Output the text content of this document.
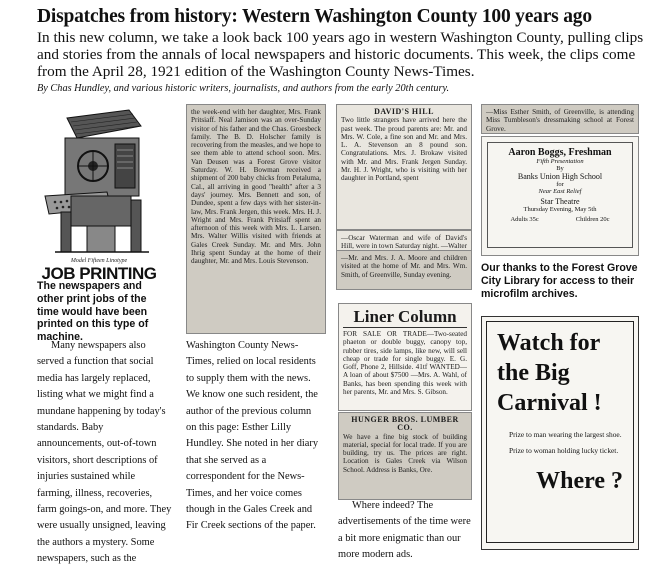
Dispatches from history: Western Washington County 100 years ago
In this new column, we take a look back 100 years ago in western Washington County, pulling clips and stories from the annals of local newspapers and historic documents. This week, the clips come from the April 28, 1921 edition of the Washington County News-Times.
By Chas Hundley, and various historic writers, journalists, and authors from the early 20th century.
Model Fifteen Linotype
JOB PRINTING
The newspapers and other print jobs of the time would have been printed on this type of machine.
Many newspapers also served a function that social media has largely replaced, listing what we might find a mundane happening by today's standards. Baby announcements, out-of-town visitors, short descriptions of injuries sustained while farming, illness, recoveries, farm goings-on, and more. They were usually unsigned, leaving the authors a mystery. Some newspapers, such as the
Washington County News-Times, relied on local residents to supply them with the news. We know one such resident, the author of the previous column on this page: Esther Lilly Hundley. She noted in her diary that she served as a correspondent for the News-Times, and her voice comes though in the Gales Creek and Fir Creek sections of the paper.
the week-end with her daughter, Mrs. Frank Pritsiaff. Neal Jamison was an over-Sunday visitor of his father and the Chas. Groesbeck family. The B. D. Holscher family is recovering from the measles, and we hope to see them able to attend school soon. Mrs. Van Deusen was a Forest Grove visitor Saturday. W. H. Bowman received a shipment of 200 baby chicks from Petaluma, Cal., all arriving in good "health" after a 3 days' journey. Mrs. Bennett and son, of Dundee, spent a few days with her sister-in-law, Mrs. Frank Jergen, this week. Mrs. H. J. Wright and Mrs. Frank Pritsiaff spent an afternoon of this week with Mrs. L. Larsen. Mrs. Walter Willis visited with friends at Gales Creek Sunday. Mr. and Mrs. John Ihrig spent Sunday at the home of their daughter, Mr. and Mrs. Louis Stevenson.
DAVID'S HILL
Two little strangers have arrived here the past week. The proud parents are: Mr. and Mrs. W. Cole, a fine son and Mr. and Mrs. L. A. Stevenson an 8 pound son. Congratulations. Mrs. J. Brokaw visited with Mr. and Mrs. Frank Jergen Sunday. Mr. H. J. Wright, who is visiting with her daughter in Portland, spent
—Oscar Waterman and wife of David's Hill, were in town Saturday night. —Walter
—Mr. and Mrs. J. A. Moore and children visited at the home of Mr. and Mrs. Wm. Smith, of Greenville, Sunday evening.
Liner Column
FOR SALE OR TRADE—Two-seated phaeton or double buggy, canopy top, rubber tires, side lamps, like new, will sell cheap or trade for single buggy. E. G. Goff, Phone 2, Hillside. 41tf WANTED—A loan of about $7500 —Mrs. A. Wahl, of Banks, has been spending this week with her parents, Mr. and Mrs. S. Gibson.
HUNGER BROS. LUMBER CO.
We have a fine big stock of building material, special for local trade. If you are building, try us. The prices are right. Location is Gales Creek via Wilson School. Address is Banks, Ore.
Where indeed? The advertisements of the time were a bit more enigmatic than our more modern ads.
—Miss Esther Smith, of Greenville, is attending Miss Tumbleson's dressmaking school at Forest Grove.
Aaron Boggs, Freshman
Fifth Presentation
By
Banks Union High School
for
Near East Relief
Star Theatre
Thursday Evening, May 5th
Adults 35c	Children 20c
Our thanks to the Forest Grove City Library for access to their microfilm archives.
Watch for
the Big
Carnival !
Prize to man wearing the largest shoe.
Prize to woman holding lucky ticket.
Where ?
